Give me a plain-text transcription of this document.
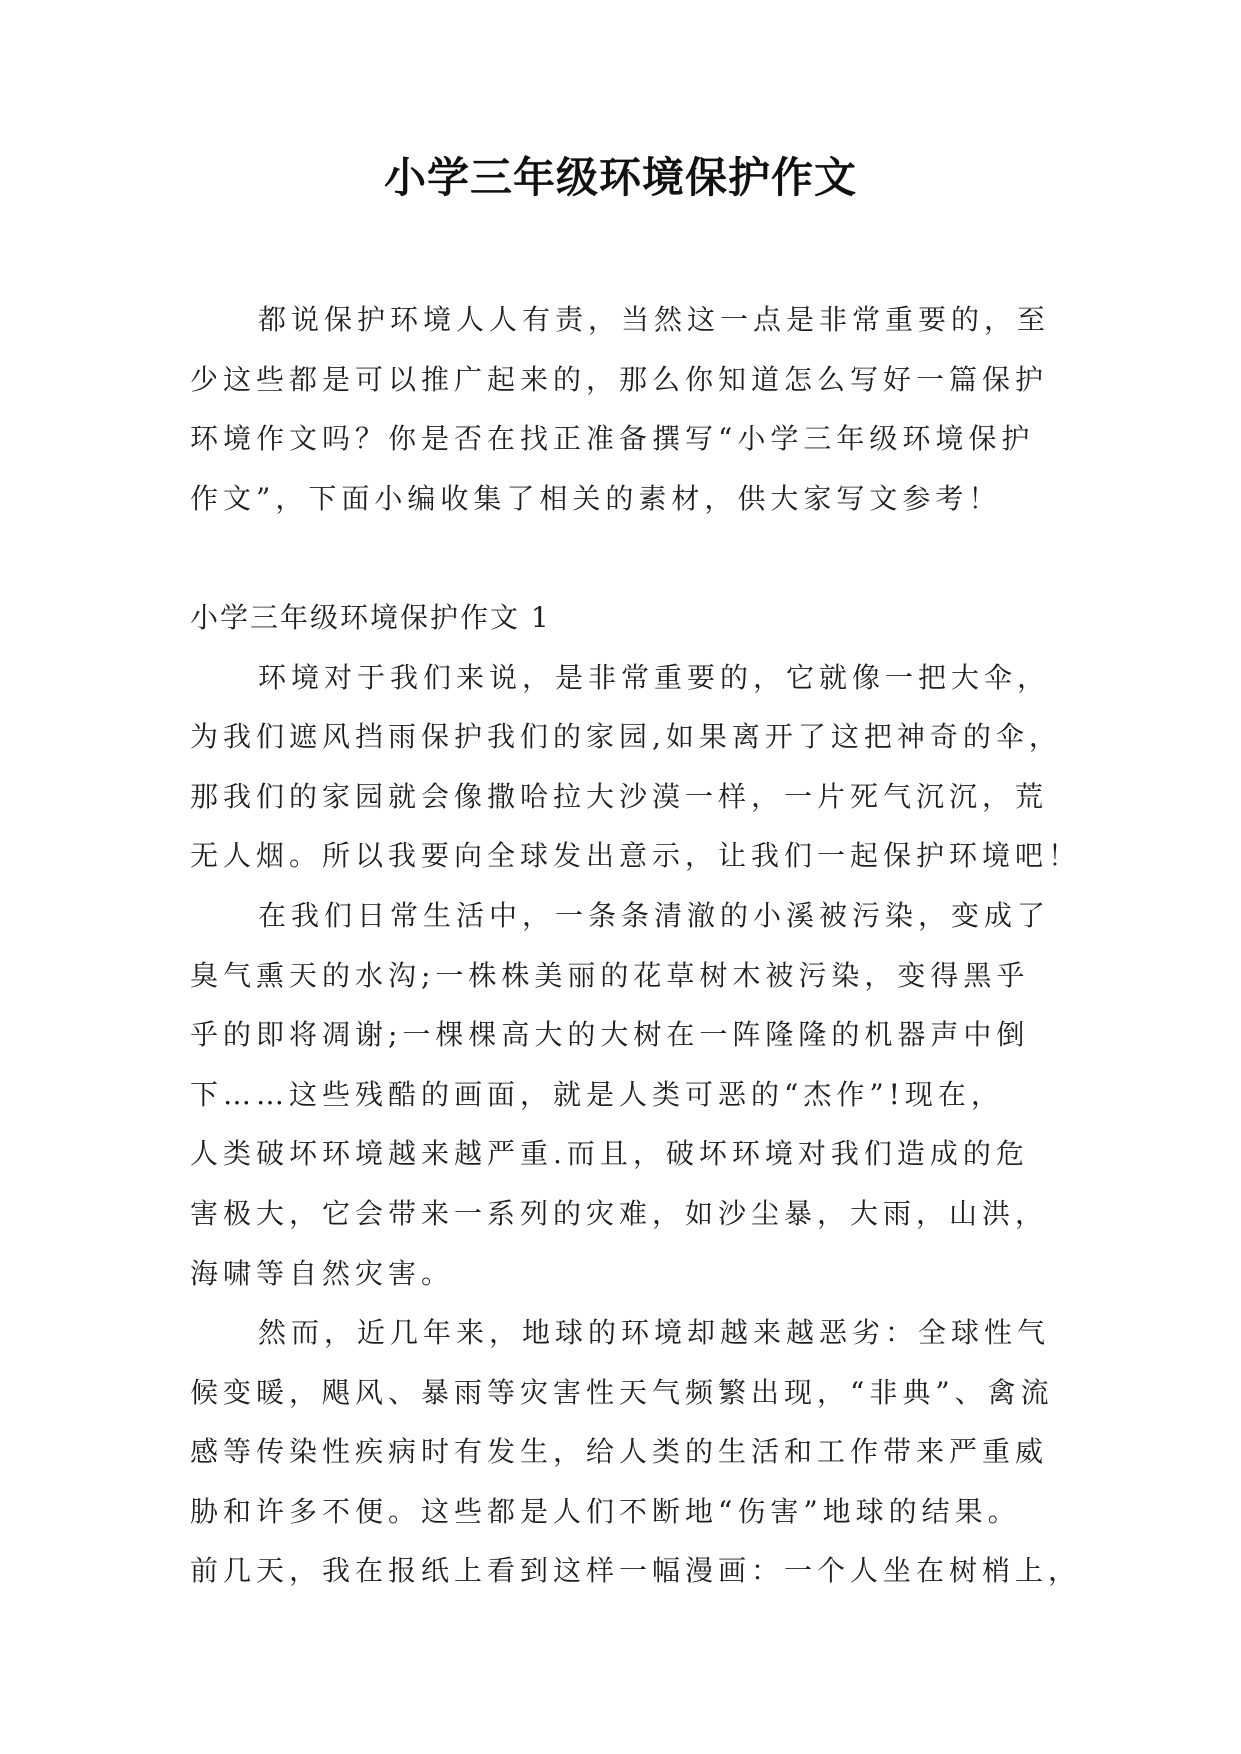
小学三年级环境保护作文
都说保护环境人人有责，当然这一点是非常重要的，至
少这些都是可以推广起来的，那么你知道怎么写好一篇保护
环境作文吗？你是否在找正准备撰写“小学三年级环境保护
作文”，下面小编收集了相关的素材，供大家写文参考！
小学三年级环境保护作文 1
环境对于我们来说，是非常重要的，它就像一把大伞，
为我们遮风挡雨保护我们的家园,如果离开了这把神奇的伞，
那我们的家园就会像撒哈拉大沙漠一样，一片死气沉沉，荒
无人烟。所以我要向全球发出意示，让我们一起保护环境吧！
在我们日常生活中，一条条清澈的小溪被污染，变成了
臭气熏天的水沟;一株株美丽的花草树木被污染，变得黑乎
乎的即将凋谢;一棵棵高大的大树在一阵隆隆的机器声中倒
下……这些残酷的画面，就是人类可恶的“杰作”!现在，
人类破坏环境越来越严重.而且，破坏环境对我们造成的危
害极大，它会带来一系列的灾难，如沙尘暴，大雨，山洪，
海啸等自然灾害。
然而，近几年来，地球的环境却越来越恶劣：全球性气
候变暖，飓风、暴雨等灾害性天气频繁出现，“非典”、禽流
感等传染性疾病时有发生，给人类的生活和工作带来严重威
胁和许多不便。这些都是人们不断地“伤害”地球的结果。
前几天，我在报纸上看到这样一幅漫画：一个人坐在树梢上，
